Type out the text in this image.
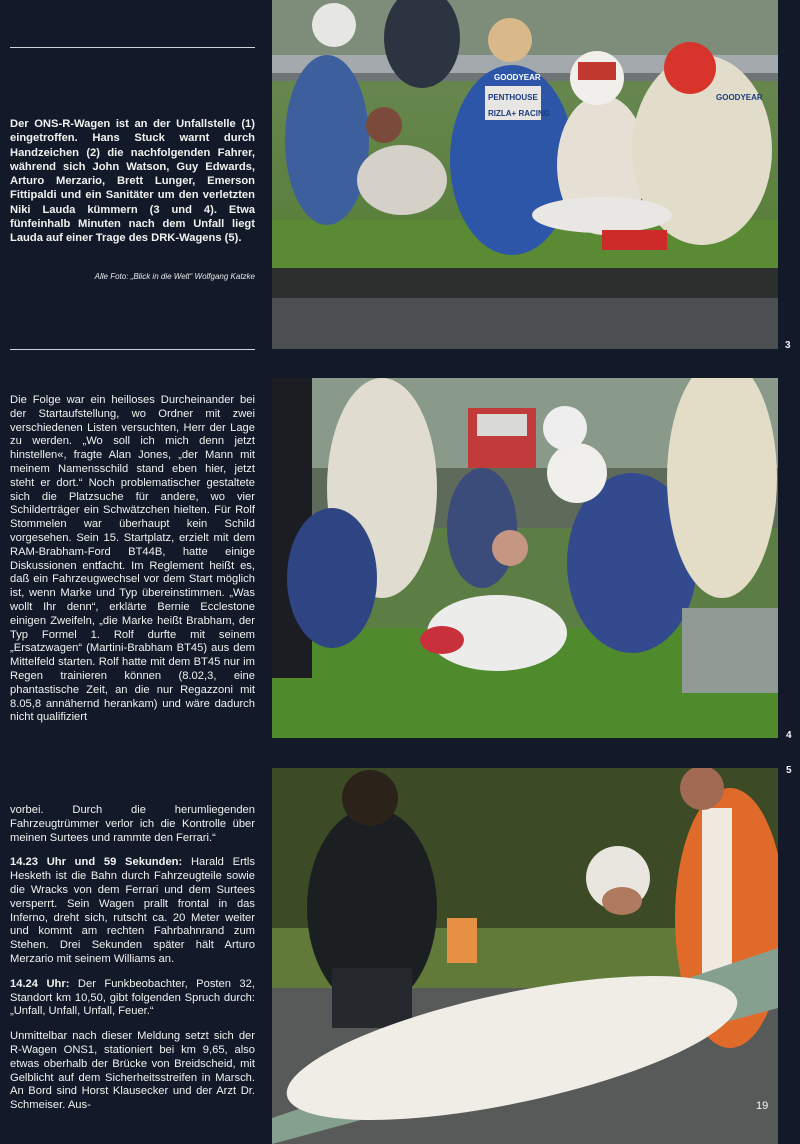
Der ONS-R-Wagen ist an der Unfallstelle (1) eingetroffen. Hans Stuck warnt durch Handzeichen (2) die nachfolgenden Fahrer, während sich John Watson, Guy Edwards, Arturo Merzario, Brett Lunger, Emerson Fittipaldi und ein Sanitäter um den verletzten Niki Lauda kümmern (3 und 4). Etwa fünfeinhalb Minuten nach dem Unfall liegt Lauda auf einer Trage des DRK-Wagens (5).

Alle Foto: „Blick in die Welt“ Wolfgang Katzke

Die Folge war ein heilloses Durcheinander bei der Startaufstellung, wo Ordner mit zwei verschiedenen Listen versuchten, Herr der Lage zu werden. „Wo soll ich mich denn jetzt hinstellen«, fragte Alan Jones, „der Mann mit meinem Namensschild stand eben hier, jetzt steht er dort.“ Noch problematischer gestaltete sich die Platzsuche für andere, wo vier Schilderträger ein Schwätzchen hielten. Für Rolf Stommelen war überhaupt kein Schild vorgesehen. Sein 15. Startplatz, erzielt mit dem RAM-Brabham-Ford BT44B, hatte einige Diskussionen entfacht. Im Reglement heißt es, daß ein Fahrzeugwechsel vor dem Start möglich ist, wenn Marke und Typ übereinstimmen. „Was wollt Ihr denn“, erklärte Bernie Ecclestone einigen Zweifeln, „die Marke heißt Brabham, der Typ Formel 1. Rolf durfte mit seinem „Ersatzwagen“ (Martini-Brabham BT45) aus dem Mittelfeld starten. Rolf hatte mit dem BT45 nur im Regen trainieren können (8.02,3, eine phantastische Zeit, an die nur Regazzoni mit 8.05,8 annähernd herankam) und wäre dadurch nicht qualifiziert

vorbei. Durch die herumliegenden Fahrzeugtrümmer verlor ich die Kontrolle über meinen Surtees und rammte den Ferrari.“

14.23 Uhr und 59 Sekunden: Harald Ertls Hesketh ist die Bahn durch Fahrzeugteile sowie die Wracks von dem Ferrari und dem Surtees versperrt. Sein Wagen prallt frontal in das Inferno, dreht sich, rutscht ca. 20 Meter weiter und kommt am rechten Fahrbahnrand zum Stehen. Drei Sekunden später hält Arturo Merzario mit seinem Williams an.

14.24 Uhr: Der Funkbeobachter, Posten 32, Standort km 10,50, gibt folgenden Spruch durch: „Unfall, Unfall, Unfall, Feuer.“

Unmittelbar nach dieser Meldung setzt sich der R-Wagen ONS1, stationiert bei km 9,65, also etwas oberhalb der Brücke von Breidscheid, mit Gelblicht auf dem Sicherheitsstreifen in Marsch. An Bord sind Horst Klausecker und der Arzt Dr. Schmeiser. Aus-

GOODYEAR
PENTHOUSE
RIZLA+ RACING
GOODYEAR
3
4
5
19
